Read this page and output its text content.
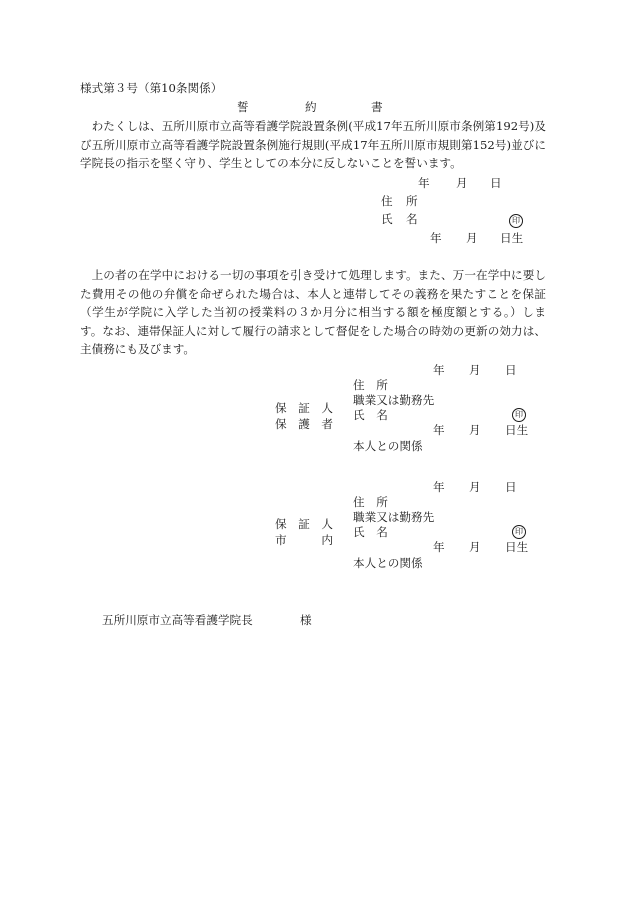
様式第３号（第10条関係）
誓	約	書
わたくしは、五所川原市立高等看護学院設置条例(平成17年五所川原市条例第192号)及び五所川原市立高等看護学院設置条例施行規則(平成17年五所川原市規則第152号)並びに学院長の指示を堅く守り、学生としての本分に反しないことを誓います。
年 月 日
住 所
氏 名	印
年 月 日生
上の者の在学中における一切の事項を引き受けて処理します。また、万一在学中に要した費用その他の弁償を命ぜられた場合は、本人と連帯してその義務を果たすことを保証（学生が学院に入学した当初の授業料の３か月分に相当する額を極度額とする。）します。なお、連帯保証人に対して履行の請求として督促をした場合の時効の更新の効力は、主債務にも及びます。
年 月 日
保　証　人
保　護　者
住　所
職業又は勤務先
氏　名	印
年 月 日生
本人との関係
年 月 日
保　証　人
市　　　内
住　所
職業又は勤務先
氏　名	印
年 月 日生
本人との関係
五所川原市立高等看護学院長	様
